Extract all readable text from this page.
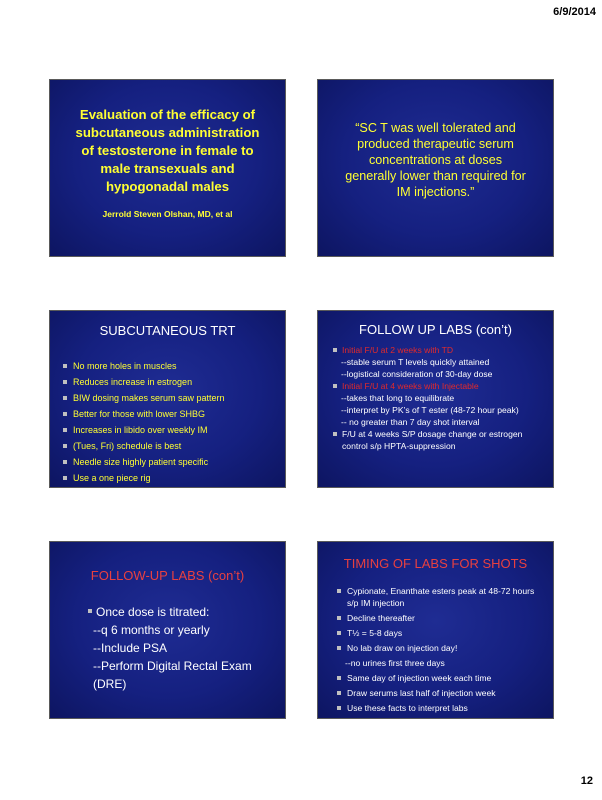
6/9/2014
Evaluation of the efficacy of
subcutaneous administration
of testosterone in female to
male transexuals and
hypogonadal males
Jerrold Steven Olshan, MD, et al
“SC T was well tolerated and
produced therapeutic serum
concentrations at doses
generally lower than required for
IM injections.”
SUBCUTANEOUS TRT
No more holes in muscles
Reduces increase in estrogen
BIW dosing makes serum saw pattern
Better for those with lower SHBG
Increases in libido over weekly IM
(Tues, Fri) schedule is best
Needle size highly patient specific
Use a one piece rig
FOLLOW UP LABS (con’t)
Initial F/U at 2 weeks with TD
--stable serum T levels quickly attained
--logistical consideration of 30-day dose
Initial F/U at 4 weeks with Injectable
--takes that long to equilibrate
--interpret by PK’s of T ester (48-72 hour peak)
-- no greater than 7 day shot interval
F/U at 4 weeks S/P dosage change or estrogen control s/p HPTA-suppression
FOLLOW-UP LABS (con’t)
Once dose is titrated:
--q 6 months or yearly
--Include PSA
--Perform Digital Rectal Exam (DRE)
TIMING OF LABS FOR SHOTS
Cypionate, Enanthate esters peak at 48-72 hours s/p IM injection
Decline thereafter
T½ = 5-8 days
No lab draw on injection day!
--no urines first three days
Same day of injection week each time
Draw serums last half of injection week
Use these facts to interpret labs
12
